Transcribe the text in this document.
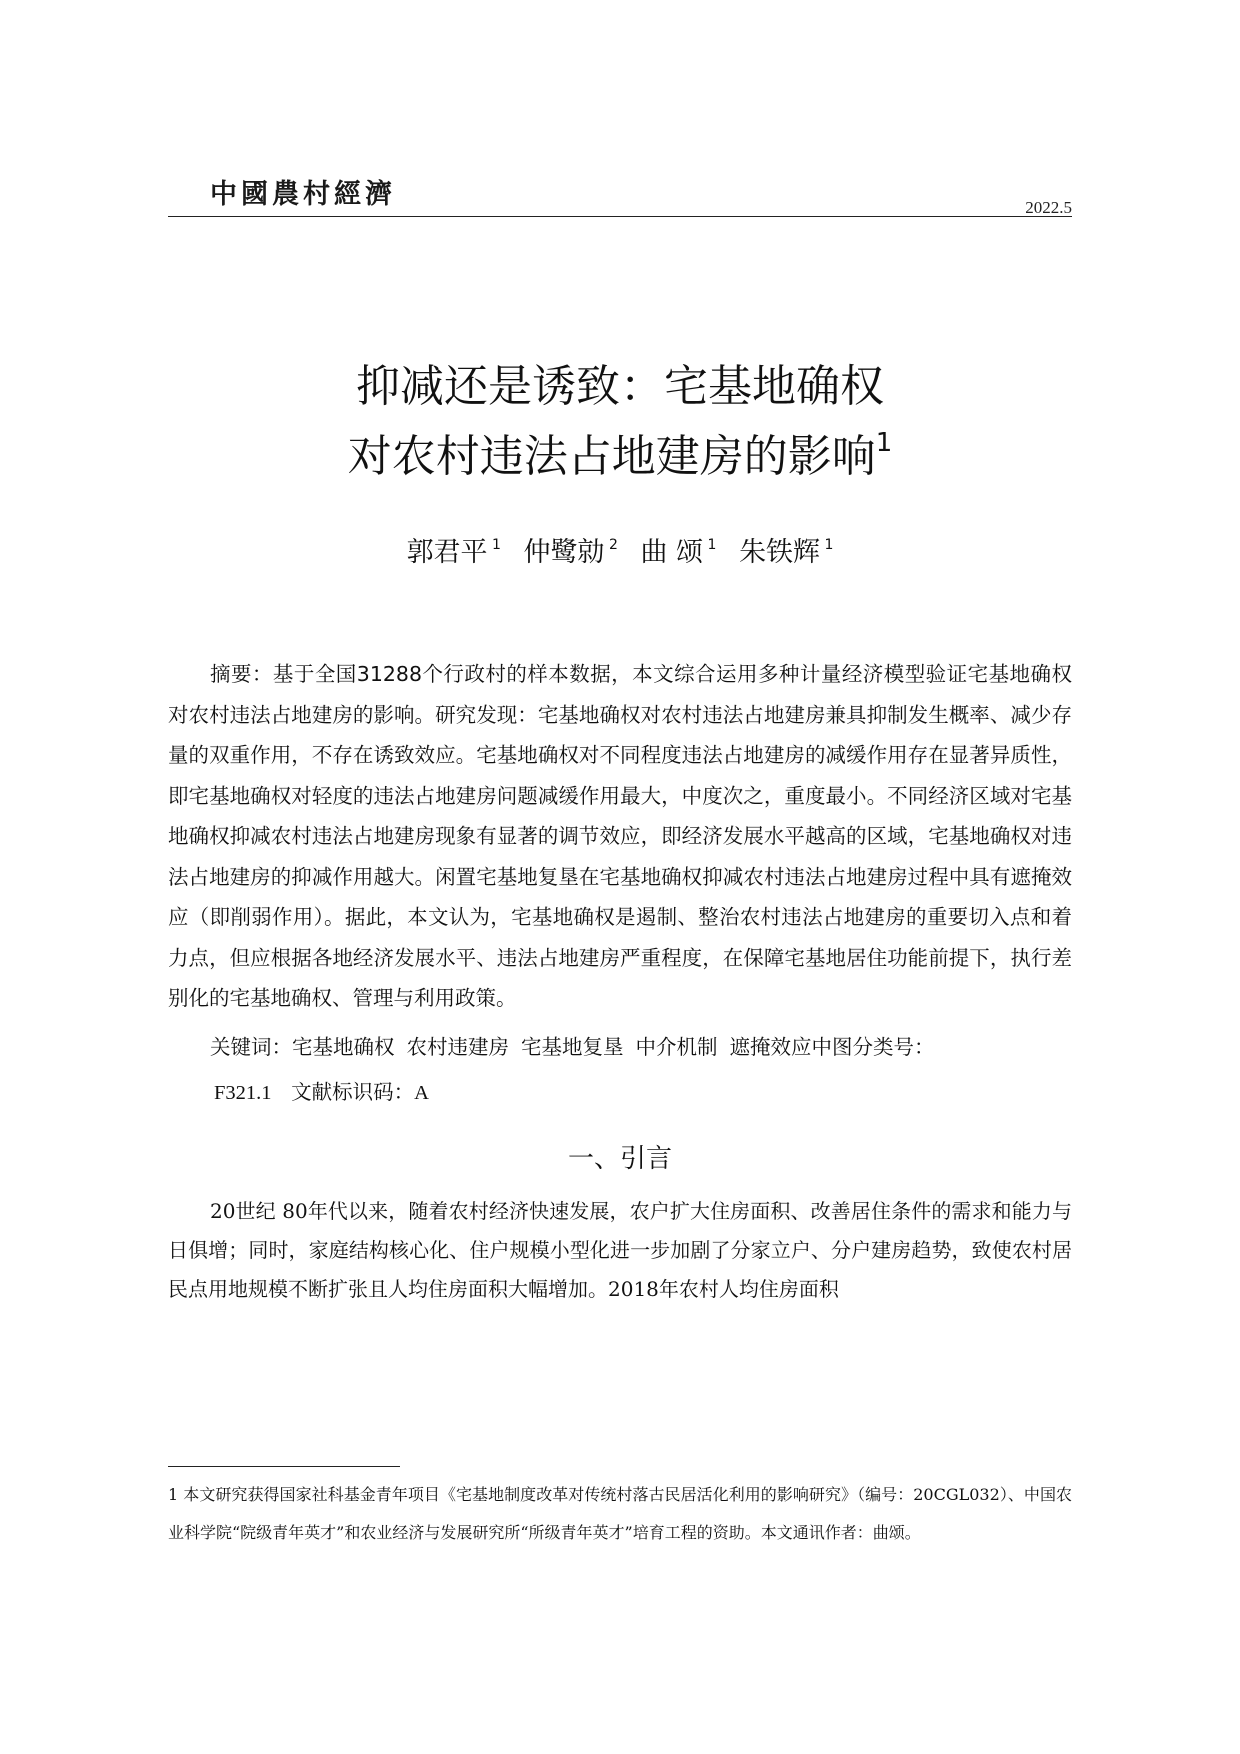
中國農村經濟	2022.5
抑减还是诱致：宅基地确权
对农村违法占地建房的影响$^1$
郭君平 $^1$ 仲鹭勍 $^2$ 曲 颂 $^1$ 朱铁辉 $^1$

摘要：基于全国31288个行政村的样本数据，本文综合运用多种计量经济模型验证宅基地确权对农村违法占地建房的影响。研究发现：宅基地确权对农村违法占地建房兼具抑制发生概率、减少存量的双重作用，不存在诱致效应。宅基地确权对不同程度违法占地建房的减缓作用存在显著异质性，即宅基地确权对轻度的违法占地建房问题减缓作用最大，中度次之，重度最小。不同经济区域对宅基地确权抑减农村违法占地建房现象有显著的调节效应，即经济发展水平越高的区域，宅基地确权对违法占地建房的抑减作用越大。闲置宅基地复垦在宅基地确权抑减农村违法占地建房过程中具有遮掩效应（即削弱作用）。据此，本文认为，宅基地确权是遏制、整治农村违法占地建房的重要切入点和着力点，但应根据各地经济发展水平、违法占地建房严重程度，在保障宅基地居住功能前提下，执行差别化的宅基地确权、管理与利用政策。

关键词：宅基地确权 农村违建房 宅基地复垦 中介机制 遮掩效应中图分类号：
F321.1 文献标识码：A
一、引言

20世纪 80年代以来，随着农村经济快速发展，农户扩大住房面积、改善居住条件的需求和能力与日俱增；同时，家庭结构核心化、住户规模小型化进一步加剧了分家立户、分户建房趋势，致使农村居民点用地规模不断扩张且人均住房面积大幅增加。2018年农村人均住房面积

1 本文研究获得国家社科基金青年项目《宅基地制度改革对传统村落古民居活化利用的影响研究》（编号：20CGL032）、中国农业科学院“院级青年英才”和农业经济与发展研究所“所级青年英才”培育工程的资助。本文通讯作者：曲颂。
